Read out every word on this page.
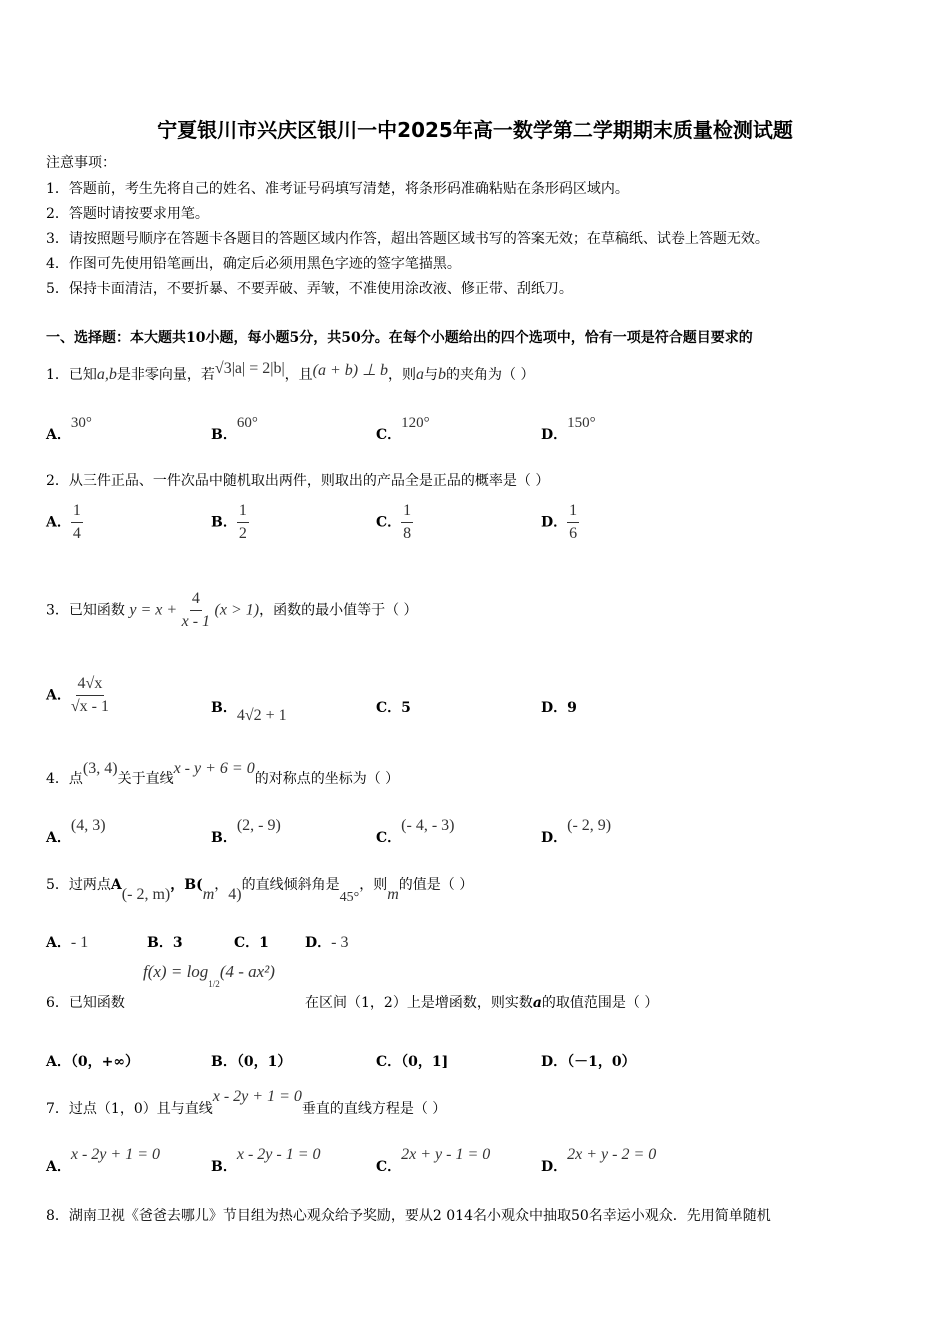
宁夏银川市兴庆区银川一中2025年高一数学第二学期期末质量检测试题
注意事项：
1．答题前，考生先将自己的姓名、准考证号码填写清楚，将条形码准确粘贴在条形码区域内。
2．答题时请按要求用笔。
3．请按照题号顺序在答题卡各题目的答题区域内作答，超出答题区域书写的答案无效；在草稿纸、试卷上答题无效。
4．作图可先使用铅笔画出，确定后必须用黑色字迹的签字笔描黑。
5．保持卡面清洁，不要折暴、不要弄破、弄皱，不准使用涂改液、修正带、刮纸刀。
一、选择题：本大题共10小题，每小题5分，共50分。在每个小题给出的四个选项中，恰有一项是符合题目要求的
1．已知a,b是非零向量，若√3|a| = 2|b|，且(a + b) ⊥ b，则a与b的夹角为（ ）
A．30°
B．60°
C．120°
D．150°
2．从三件正品、一件次品中随机取出两件，则取出的产品全是正品的概率是（ ）
A． $\frac{1}{4}$	B． $\frac{1}{2}$	C． $\frac{1}{8}$	D． $\frac{1}{6}$
3．已知函数 $y = x + \frac{4}{x - 1} (x > 1)$，函数的最小值等于（ ）
A． $\frac{4√x}{√x - 1}$	B．4√2 + 1	C．5	D．9
4．点(3, 4)关于直线x - y + 6 = 0的对称点的坐标为（ ）
A．(4, 3)
B．(2, - 9)
C．(- 4, - 3)
D．(- 2, 9)
5．过两点A(- 2, m)，B(m，4)的直线倾斜角是45°，则m的值是（ ）
A．- 1	B．3	C．1	D．- 3
$f(x) = \log_{1/2}(4 - ax^2)$
6．已知函数	在区间（1，2）上是增函数，则实数a的取值范围是（ ）
A．（0，+∞）	B．（0，1）	C．（0，1]	D．（－1，0）
7．过点（1，0）且与直线x - 2y + 1 = 0垂直的直线方程是（ ）
A．x - 2y + 1 = 0
B．x - 2y - 1 = 0
C．2x + y - 1 = 0
D．2x + y - 2 = 0
8．湖南卫视《爸爸去哪儿》节目组为热心观众给予奖励，要从2 014名小观众中抽取50名幸运小观众．先用简单随机
